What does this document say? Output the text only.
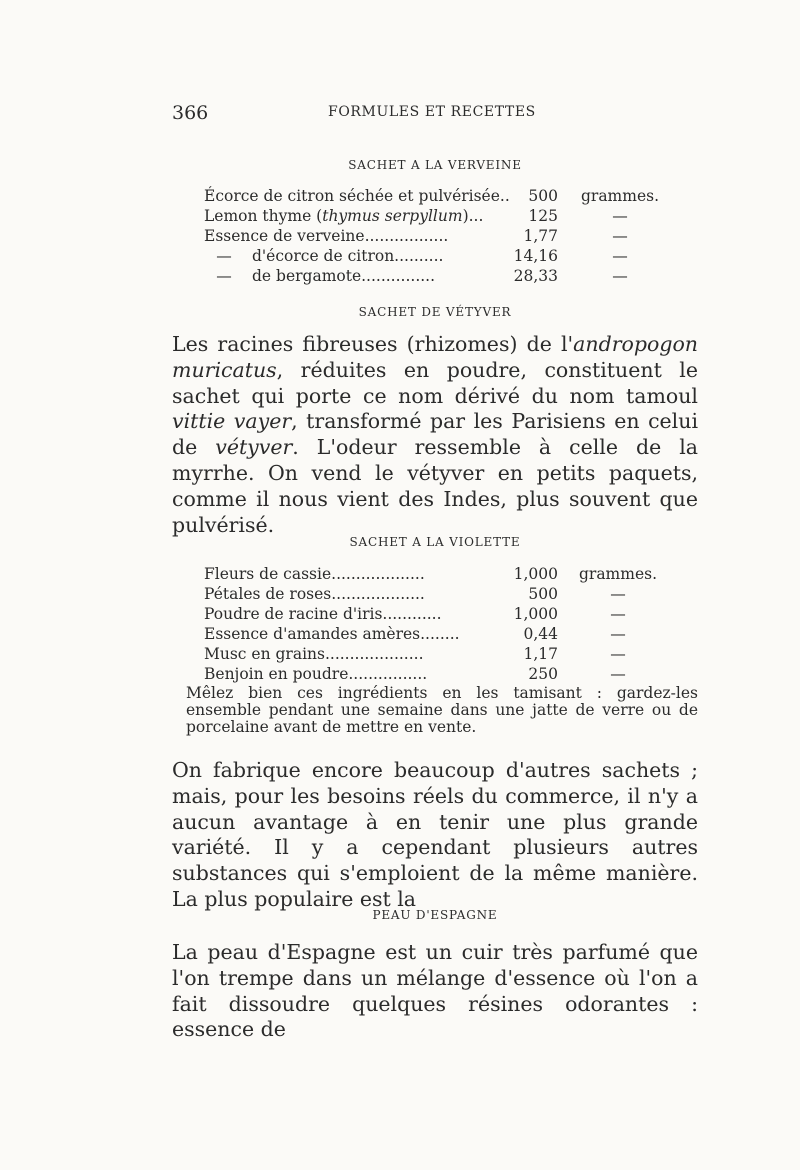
366	FORMULES ET RECETTES
SACHET A LA VERVEINE
Écorce de citron séchée et pulvérisée..	500 grammes.
Lemon thyme (thymus serpyllum)...	125	—
Essence de verveine.................	1,77	—
— d'écorce de citron..........	14,16	—
— de bergamote...............	28,33	—
SACHET DE VÉTYVER
Les racines fibreuses (rhizomes) de l'andropogon muricatus, réduites en poudre, constituent le sachet qui porte ce nom dérivé du nom tamoul vittie vayer, transformé par les Parisiens en celui de vétyver. L'odeur ressemble à celle de la myrrhe. On vend le vétyver en petits paquets, comme il nous vient des Indes, plus souvent que pulvérisé.
SACHET A LA VIOLETTE
Fleurs de cassie...................	1,000 grammes.
Pétales de roses...................	500	—
Poudre de racine d'iris............	1,000	—
Essence d'amandes amères........	0,44	—
Musc en grains....................	1,17	—
Benjoin en poudre................	250	—
Mêlez bien ces ingrédients en les tamisant : gardez-les ensemble pendant une semaine dans une jatte de verre ou de porcelaine avant de mettre en vente.
On fabrique encore beaucoup d'autres sachets ; mais, pour les besoins réels du commerce, il n'y a aucun avantage à en tenir une plus grande variété. Il y a cependant plusieurs autres substances qui s'emploient de la même manière. La plus populaire est la
PEAU D'ESPAGNE
La peau d'Espagne est un cuir très parfumé que l'on trempe dans un mélange d'essence où l'on a fait dissoudre quelques résines odorantes : essence de
